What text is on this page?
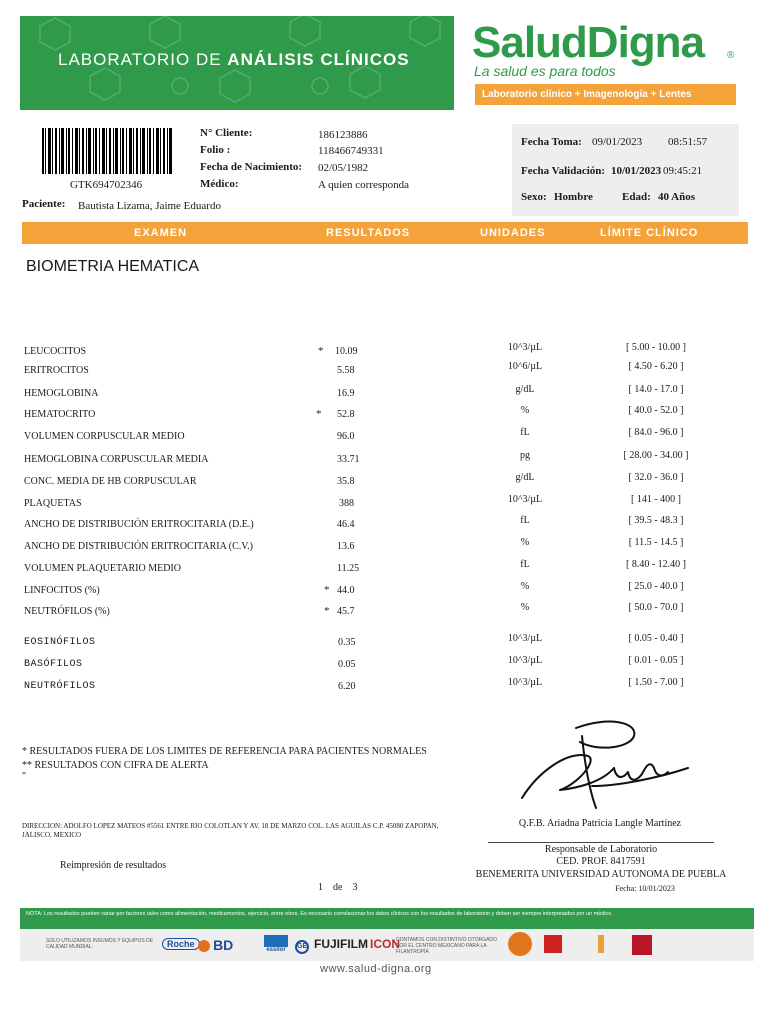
LABORATORIO DE ANÁLISIS CLÍNICOS SaludDigna ®
La salud es para todos
Laboratorio clínico + Imagenología + Lentes
GTK694702346
N° Cliente:	186123886
Folio :	118466749331
Fecha de Nacimiento: 02/05/1982
Médico:	A quien corresponda
Paciente: Bautista Lizama, Jaime Eduardo
Fecha Toma: 09/01/2023 08:51:57
Fecha Validación: 10/01/2023 09:45:21
Sexo: Hombre	Edad: 40 Años
EXAMEN	RESULTADOS	UNIDADES	LÍMITE CLÍNICO
BIOMETRIA HEMATICA
LEUCOCITOS	* 10.09	10^3/µL	[ 5.00 - 10.00 ]
ERITROCITOS	5.58	10^6/µL	[ 4.50 - 6.20 ]
HEMOGLOBINA	16.9	g/dL	[ 14.0 - 17.0 ]
HEMATOCRITO	* 52.8	%	[ 40.0 - 52.0 ]
VOLUMEN CORPUSCULAR MEDIO	96.0	fL	[ 84.0 - 96.0 ]
HEMOGLOBINA CORPUSCULAR MEDIA	33.71	pg	[ 28.00 - 34.00 ]
CONC. MEDIA DE HB CORPUSCULAR	35.8	g/dL	[ 32.0 - 36.0 ]
PLAQUETAS	388	10^3/µL	[ 141 - 400 ]
ANCHO DE DISTRIBUCIÓN ERITROCITARIA (D.E.)	46.4	fL	[ 39.5 - 48.3 ]
ANCHO DE DISTRIBUCIÓN ERITROCITARIA (C.V.)	13.6	%	[ 11.5 - 14.5 ]
VOLUMEN PLAQUETARIO MEDIO	11.25	fL	[ 8.40 - 12.40 ]
LINFOCITOS (%)	* 44.0	%	[ 25.0 - 40.0 ]
NEUTRÓFILOS (%)	* 45.7	%	[ 50.0 - 70.0 ]
EOSINÓFILOS	0.35	10^3/µL	[ 0.05 - 0.40 ]
BASÓFILOS	0.05	10^3/µL	[ 0.01 - 0.05 ]
NEUTRÓFILOS	6.20	10^3/µL	[ 1.50 - 7.00 ]
* RESULTADOS FUERA DE LOS LIMITES DE REFERENCIA PARA PACIENTES NORMALES
** RESULTADOS CON CIFRA DE ALERTA
"
DIRECCION: ADOLFO LOPEZ MATEOS #5561 ENTRE RIO COLOTLAN Y AV. 18 DE MARZO COL. LAS AGUILAS C.P. 45080 ZAPOPAN, JALISCO, MEXICO
Reimpresión de resultados
1 de 3
Q.F.B. Ariadna Patricia Langle Martínez
Responsable de Laboratorio
CED. PROF. 8417591
BENEMERITA UNIVERSIDAD AUTONOMA DE PUEBLA
Fecha: 10/01/2023
NOTA: Los resultados pueden variar por factores tales como alimentación, medicamentos, ejercicio, entre otros. Es necesario correlacionar los datos clínicos con los resultados de laboratorio y deben ser siempre interpretados por un médico.
SOLO UTILIZAMOS INSUMOS Y EQUIPOS DE CALIDAD MUNDIAL:	Roche	BD	essilor	GE FUJIFILM ICON
CONTAMOS CON DISTINTIVO OTORGADO POR EL CENTRO MEXICANO PARA LA FILANTROPÍA
www.salud-digna.org
